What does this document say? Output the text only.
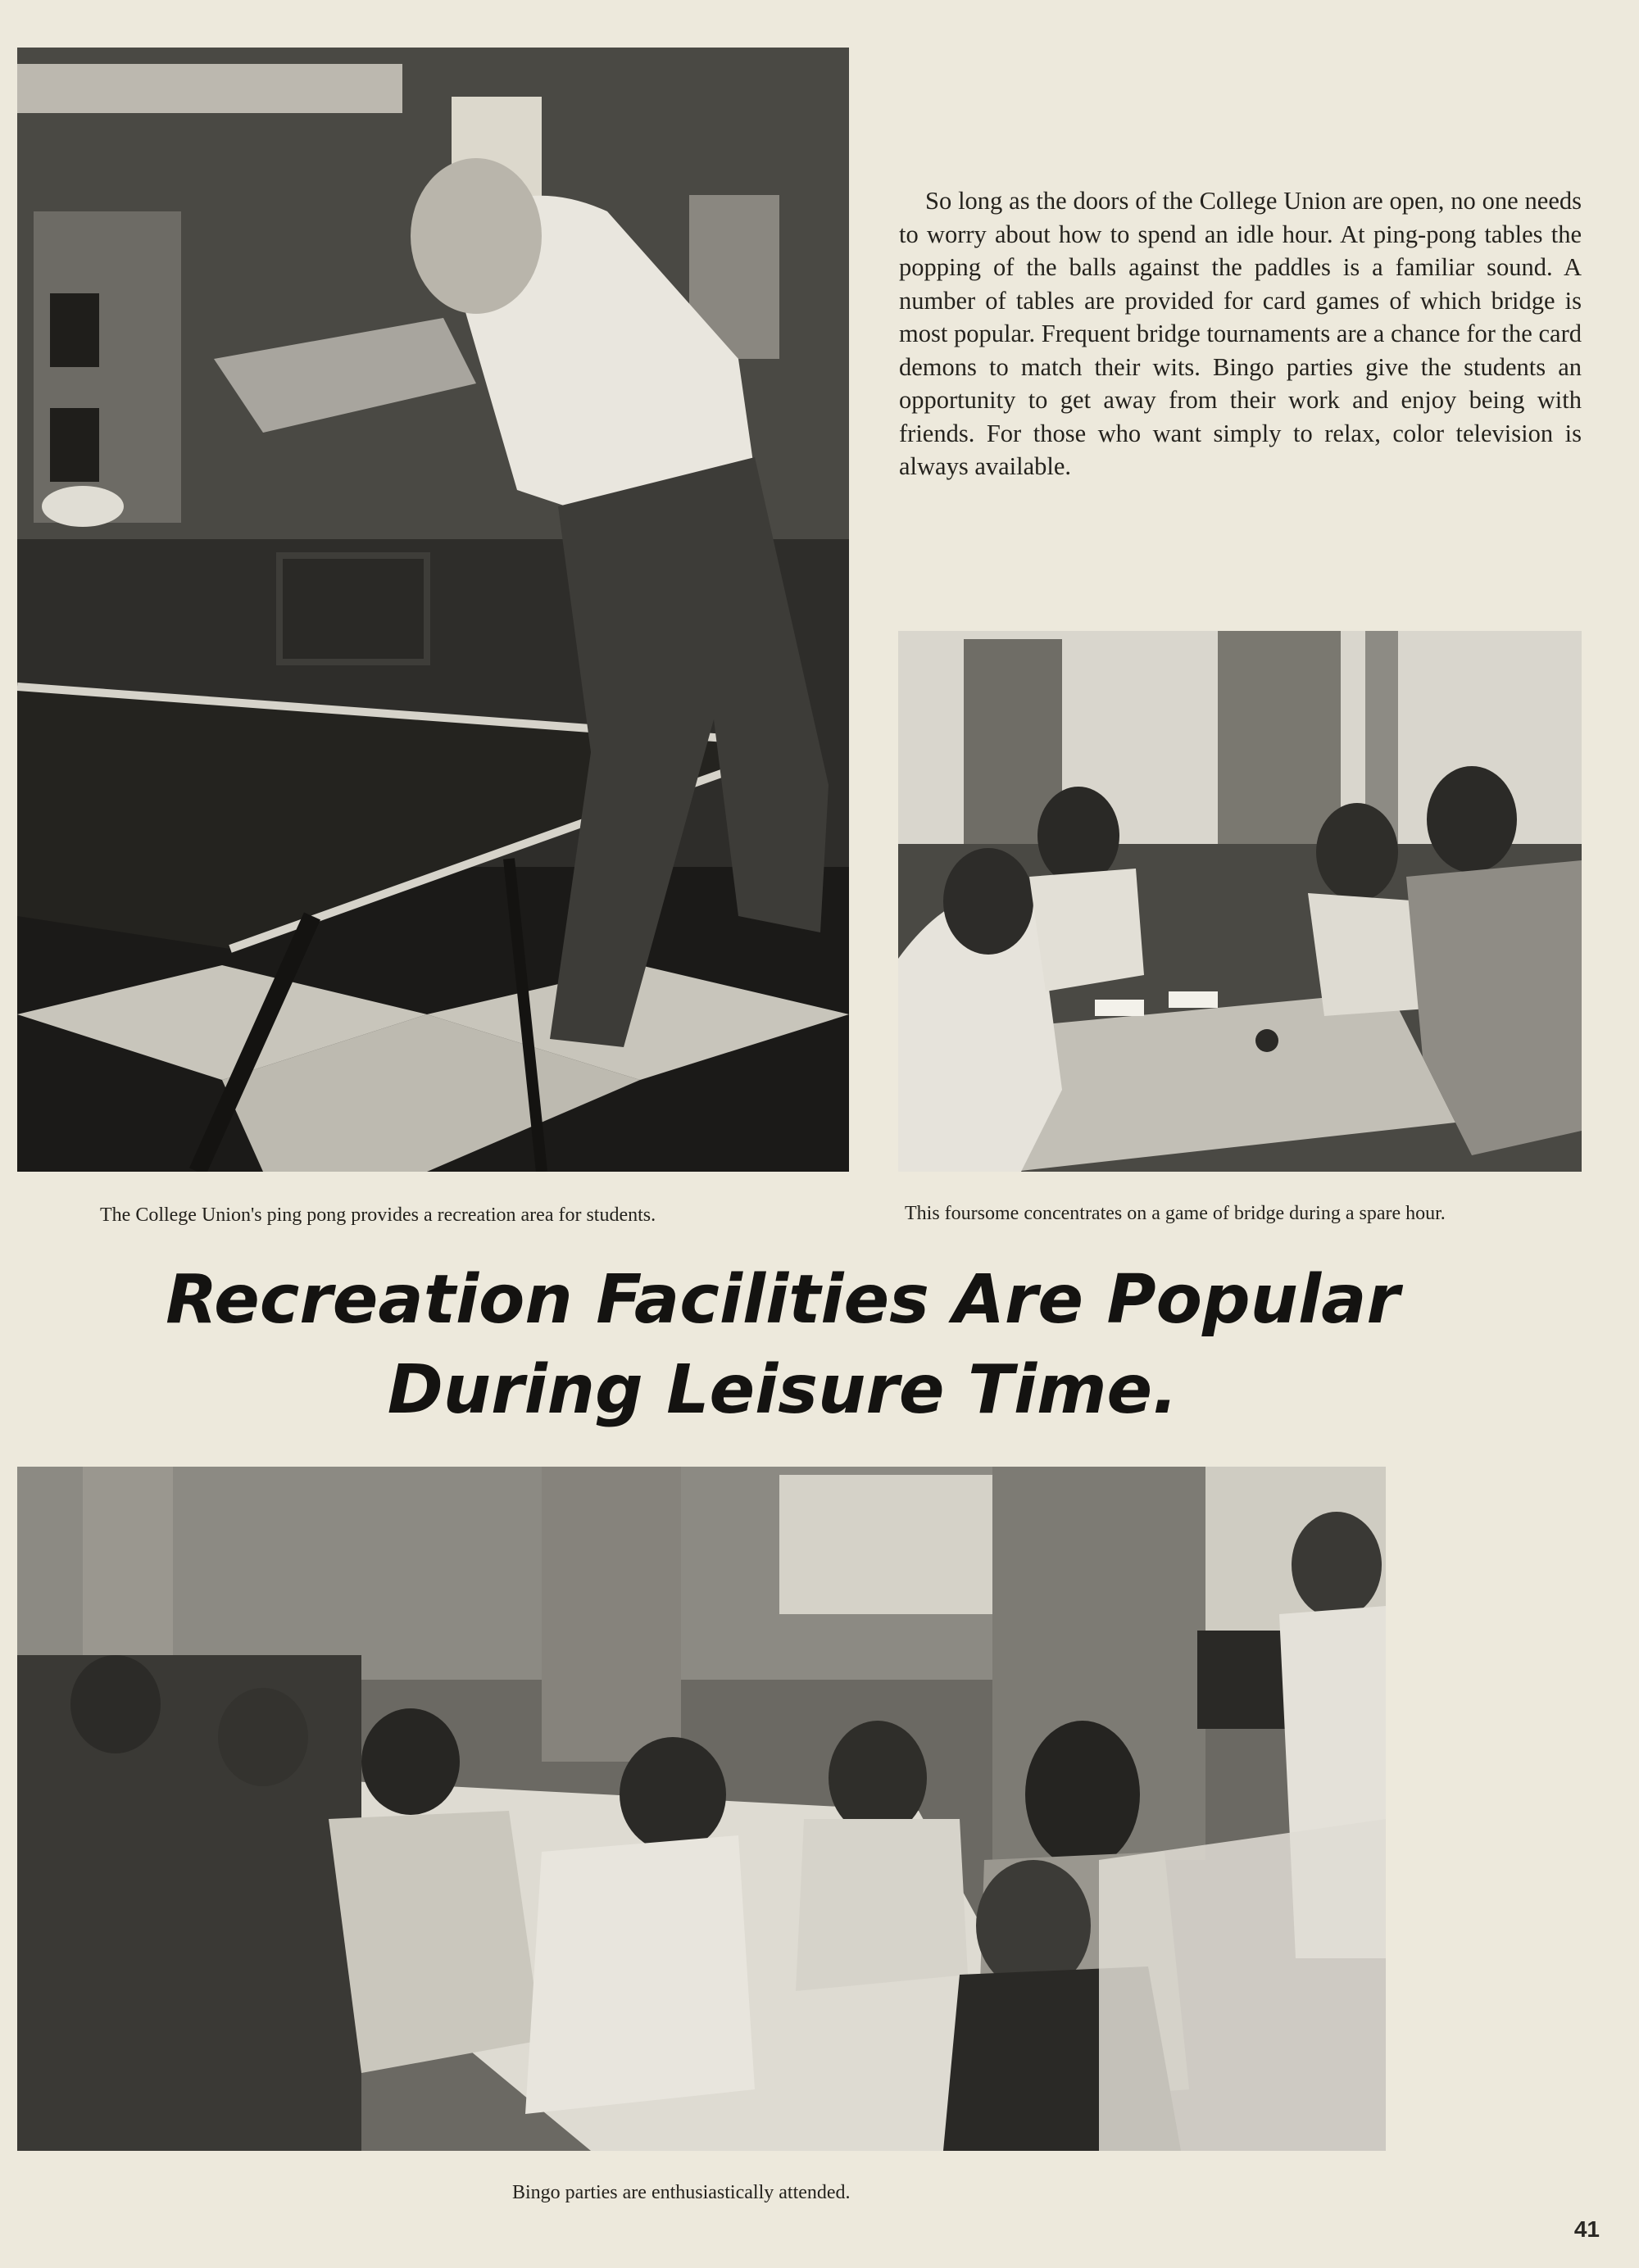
So long as the doors of the College Union are open, no one needs to worry about how to spend an idle hour. At ping-pong tables the popping of the balls against the paddles is a familiar sound. A number of tables are provided for card games of which bridge is most popular. Frequent bridge tournaments are a chance for the card demons to match their wits. Bingo parties give the students an opportunity to get away from their work and enjoy being with friends. For those who want simply to relax, color television is always available.

The College Union's ping pong provides a recreation area for students.	This foursome concentrates on a game of bridge during a spare hour.

Recreation Facilities Are Popular
During Leisure Time.

Bingo parties are enthusiastically attended.

41
